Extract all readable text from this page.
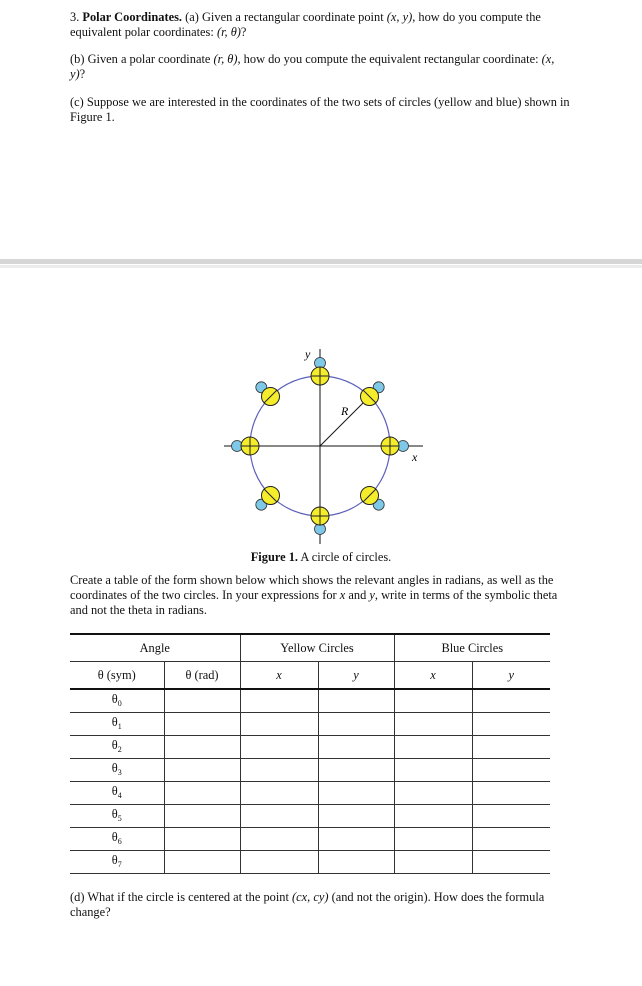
3. Polar Coordinates. (a) Given a rectangular coordinate point (x, y), how do you compute the equivalent polar coordinates: (r, θ)?
(b) Given a polar coordinate (r, θ), how do you compute the equivalent rectangular coordinate: (x, y)?
(c) Suppose we are interested in the coordinates of the two sets of circles (yellow and blue) shown in Figure 1.
R
y
x
Figure 1. A circle of circles.
Create a table of the form shown below which shows the relevant angles in radians, as well as the coordinates of the two circles. In your expressions for x and y, write in terms of the symbolic theta and not the theta in radians.
Angle		Yellow Circles		Blue Circles	
θ (sym)	θ (rad)	x	y	x	y
$\theta_0$					
$\theta_1$					
$\theta_2$					
$\theta_3$					
$\theta_4$					
$\theta_5$					
$\theta_6$					
$\theta_7$					
(d) What if the circle is centered at the point (cx, cy) (and not the origin). How does the formula change?
